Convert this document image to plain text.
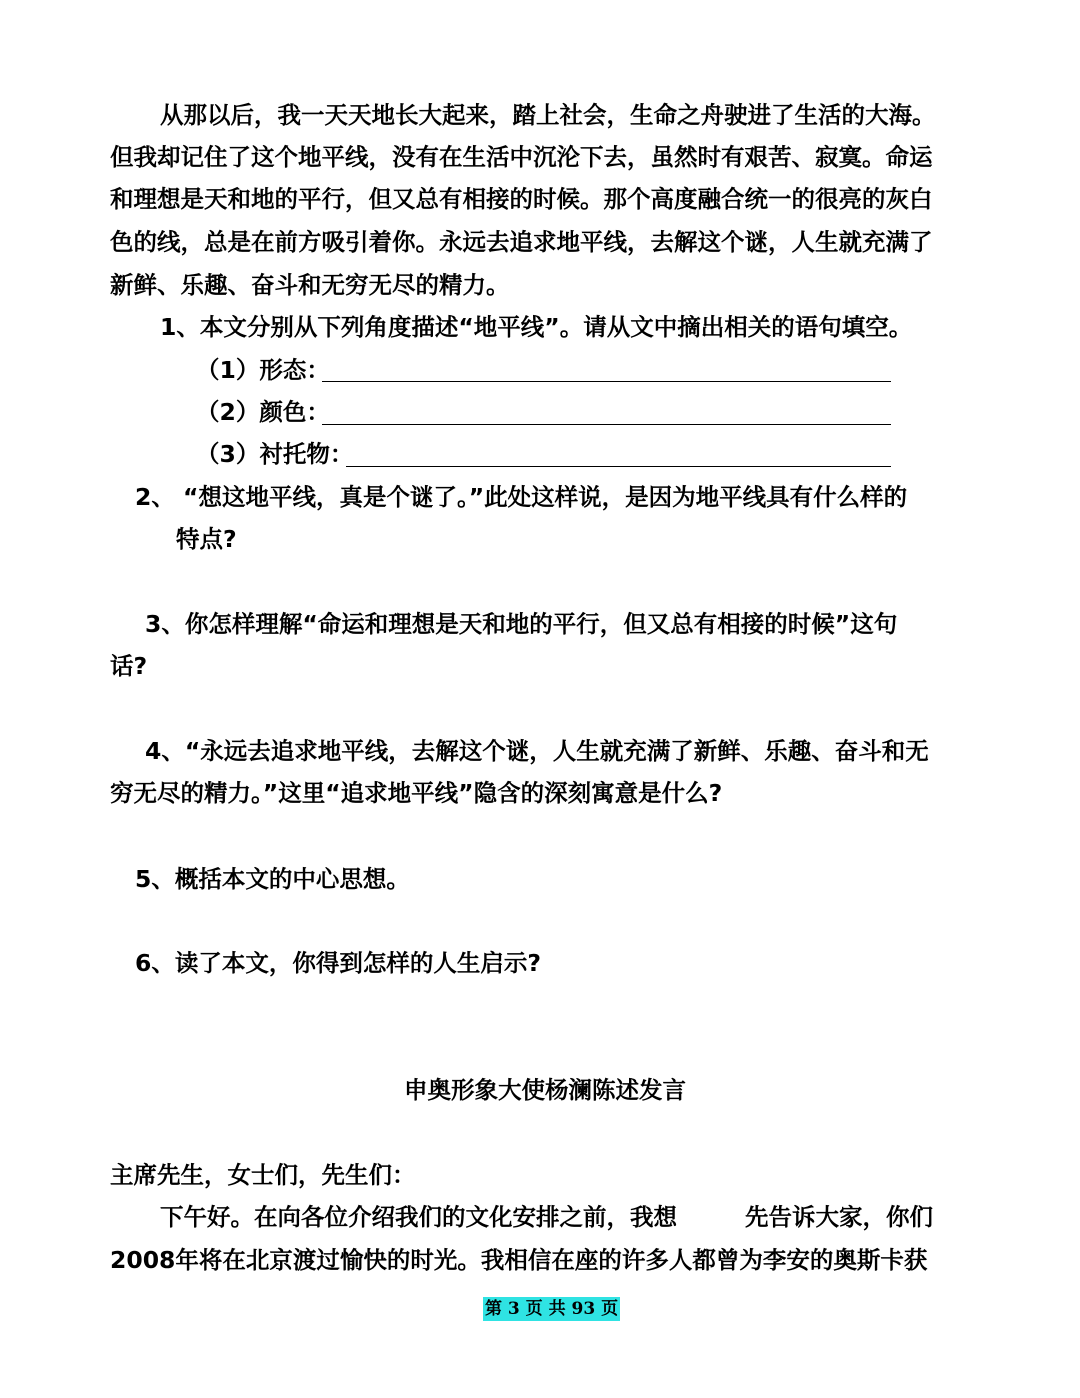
从那以后，我一天天地长大起来，踏上社会，生命之舟驶进了生活的大海。
但我却记住了这个地平线，没有在生活中沉沦下去，虽然时有艰苦、寂寞。命运
和理想是天和地的平行，但又总有相接的时候。那个高度融合统一的很亮的灰白
色的线，总是在前方吸引着你。永远去追求地平线，去解这个谜，人生就充满了
新鲜、乐趣、奋斗和无穷无尽的精力。
1、本文分别从下列角度描述“地平线”。请从文中摘出相关的语句填空。
（1）形态：
（2）颜色：
（3）衬托物：
2、 “想这地平线，真是个谜了。”此处这样说，是因为地平线具有什么样的
特点?
3、你怎样理解“命运和理想是天和地的平行，但又总有相接的时候”这句
话?
4、“永远去追求地平线，去解这个谜，人生就充满了新鲜、乐趣、奋斗和无
穷无尽的精力。”这里“追求地平线”隐含的深刻寓意是什么?
5、概括本文的中心思想。
6、读了本文，你得到怎样的人生启示?
申奥形象大使杨澜陈述发言
主席先生，女士们，先生们：
下午好。在向各位介绍我们的文化安排之前，我想	先告诉大家，你们
2008年将在北京渡过愉快的时光。我相信在座的许多人都曾为李安的奥斯卡获
第 3 页 共 93 页
